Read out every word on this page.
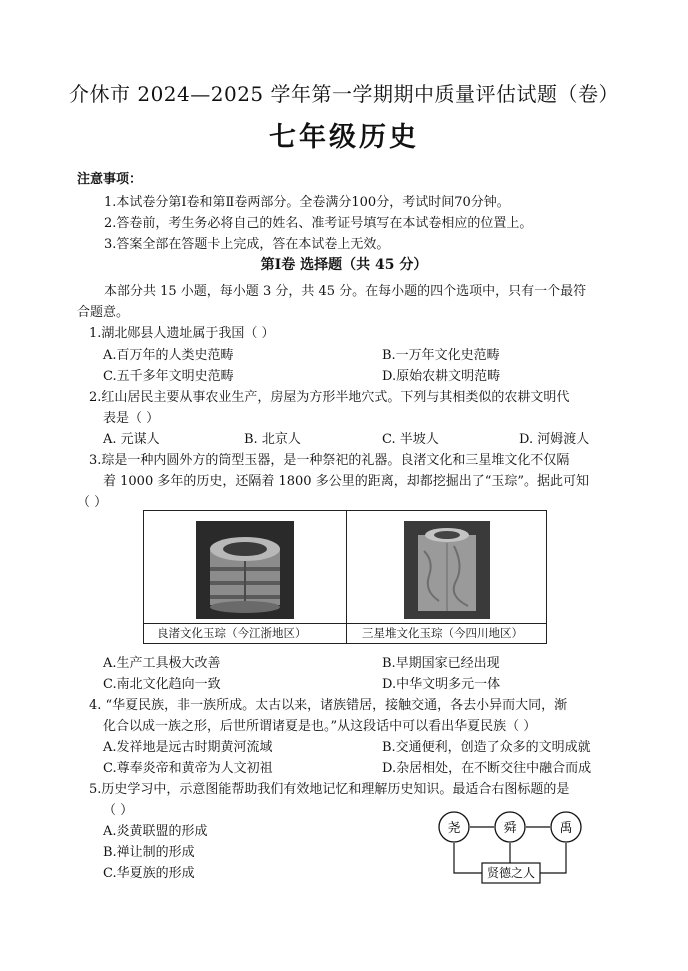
介休市 2024—2025 学年第一学期期中质量评估试题（卷）
七年级历史
注意事项：
1.本试卷分第Ⅰ卷和第Ⅱ卷两部分。全卷满分100分，考试时间70分钟。
2.答卷前，考生务必将自己的姓名、准考证号填写在本试卷相应的位置上。
3.答案全部在答题卡上完成，答在本试卷上无效。
第Ⅰ卷 选择题（共 45 分）
本部分共 15 小题，每小题 3 分，共 45 分。在每小题的四个选项中，只有一个最符
合题意。
1.湖北郧县人遗址属于我国（ ）
A.百万年的人类史范畴	B.一万年文化史范畴
C.五千多年文明史范畴	D.原始农耕文明范畴
2.红山居民主要从事农业生产，房屋为方形半地穴式。下列与其相类似的农耕文明代
表是（ ）
A. 元谋人	B. 北京人	C. 半坡人	D. 河姆渡人
3.琮是一种内圆外方的筒型玉器，是一种祭祀的礼器。良渚文化和三星堆文化不仅隔
着 1000 多年的历史，还隔着 1800 多公里的距离，却都挖掘出了“玉琮”。据此可知
（ ）
良渚文化玉琮（今江浙地区）	三星堆文化玉琮（今四川地区）
A.生产工具极大改善	B.早期国家已经出现
C.南北文化趋向一致	D.中华文明多元一体
4. “华夏民族，非一族所成。太古以来，诸族错居，接触交通，各去小异而大同，渐
化合以成一族之形，后世所谓诸夏是也。”从这段话中可以看出华夏民族（ ）
A.发祥地是远古时期黄河流域	B.交通便利，创造了众多的文明成就
C.尊奉炎帝和黄帝为人文初祖	D.杂居相处，在不断交往中融合而成
5.历史学习中，示意图能帮助我们有效地记忆和理解历史知识。最适合右图标题的是
（ ）
A.炎黄联盟的形成
B.禅让制的形成
C.华夏族的形成
尧	舜	禹
贤德之人
